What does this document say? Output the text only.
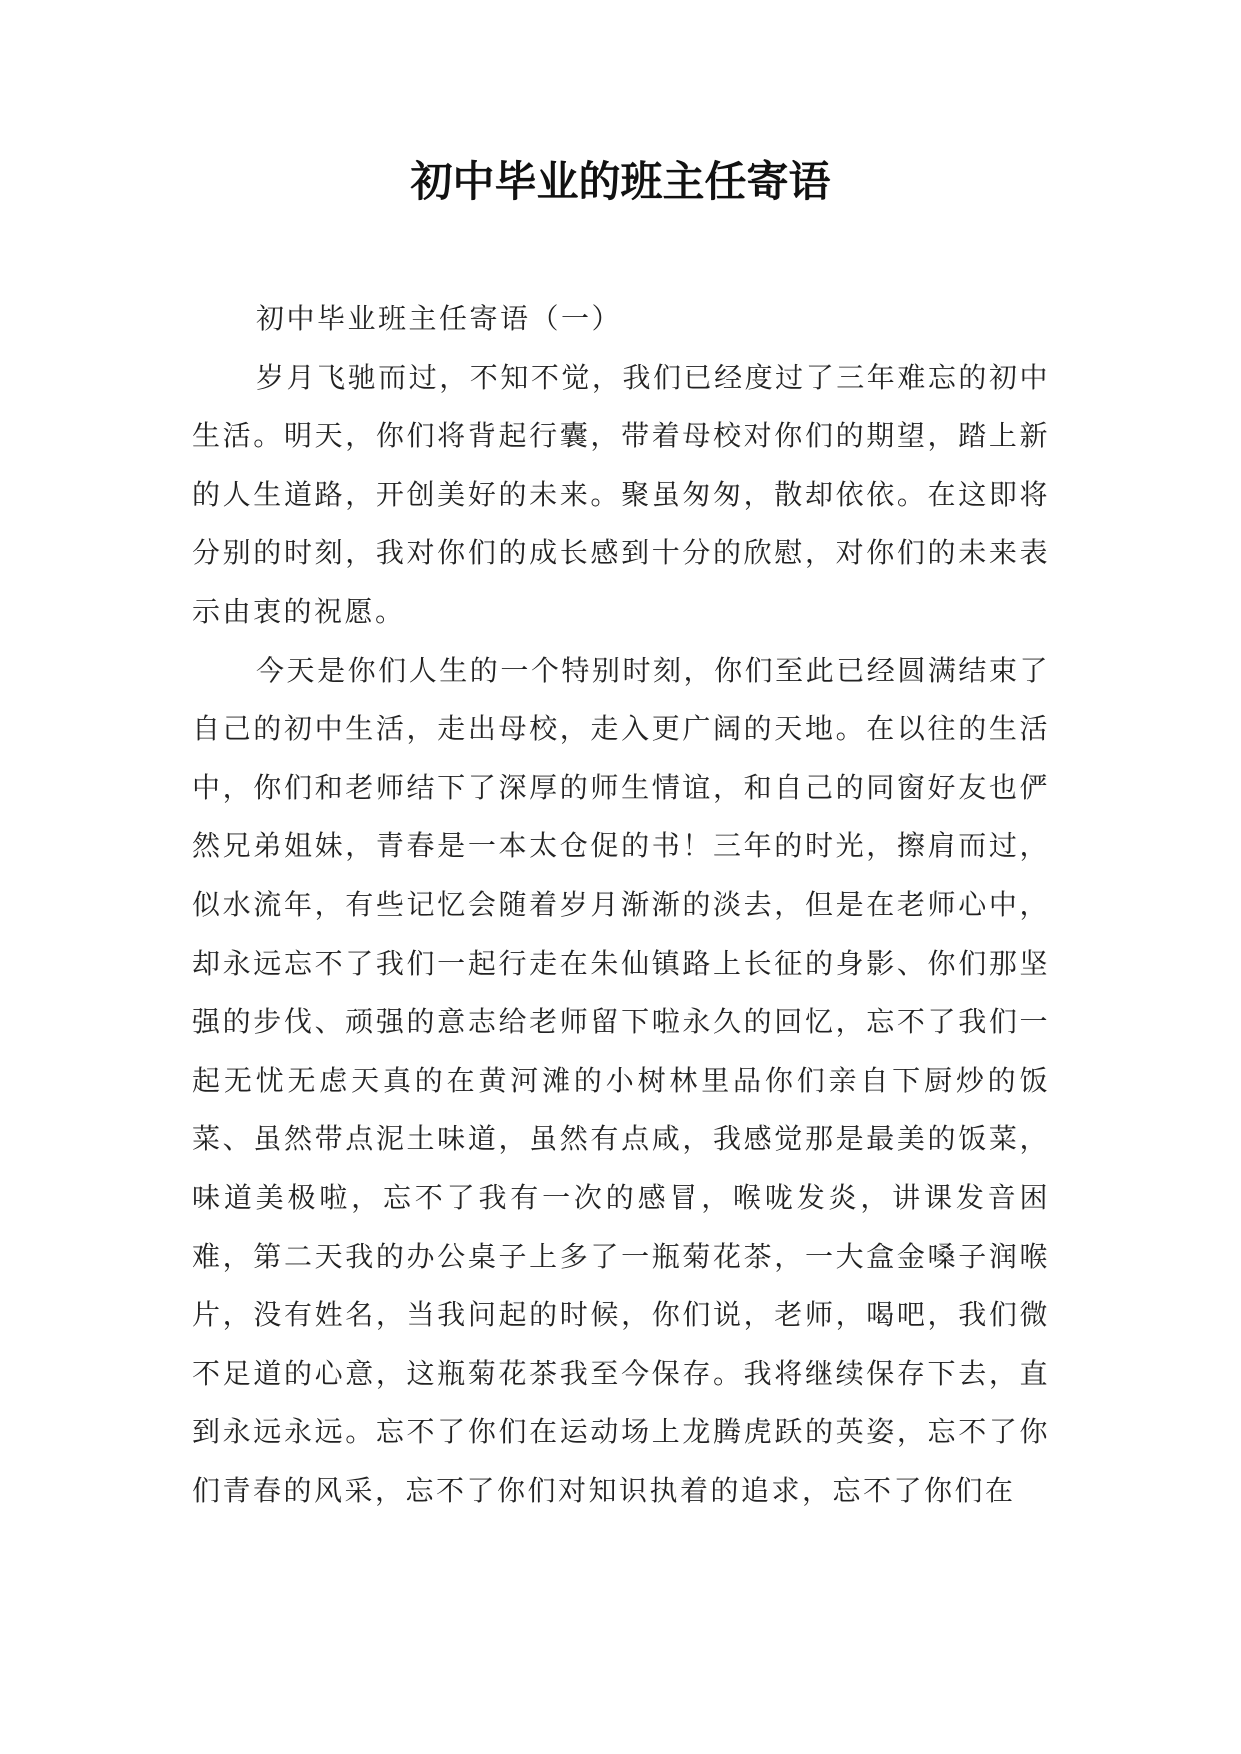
初中毕业的班主任寄语

初中毕业班主任寄语（一）

岁月飞驰而过，不知不觉，我们已经度过了三年难忘的初中生活。明天，你们将背起行囊，带着母校对你们的期望，踏上新的人生道路，开创美好的未来。聚虽匆匆，散却依依。在这即将分别的时刻，我对你们的成长感到十分的欣慰，对你们的未来表示由衷的祝愿。

今天是你们人生的一个特别时刻，你们至此已经圆满结束了自己的初中生活，走出母校，走入更广阔的天地。在以往的生活中，你们和老师结下了深厚的师生情谊，和自己的同窗好友也俨然兄弟姐妹，青春是一本太仓促的书！三年的时光，擦肩而过，似水流年，有些记忆会随着岁月渐渐的淡去，但是在老师心中，却永远忘不了我们一起行走在朱仙镇路上长征的身影、你们那坚强的步伐、顽强的意志给老师留下啦永久的回忆，忘不了我们一起无忧无虑天真的在黄河滩的小树林里品你们亲自下厨炒的饭菜、虽然带点泥土味道，虽然有点咸，我感觉那是最美的饭菜，味道美极啦，忘不了我有一次的感冒，喉咙发炎，讲课发音困难，第二天我的办公桌子上多了一瓶菊花茶，一大盒金嗓子润喉片，没有姓名，当我问起的时候，你们说，老师，喝吧，我们微不足道的心意，这瓶菊花茶我至今保存。我将继续保存下去，直到永远永远。忘不了你们在运动场上龙腾虎跃的英姿，忘不了你们青春的风采，忘不了你们对知识执着的追求，忘不了你们在
